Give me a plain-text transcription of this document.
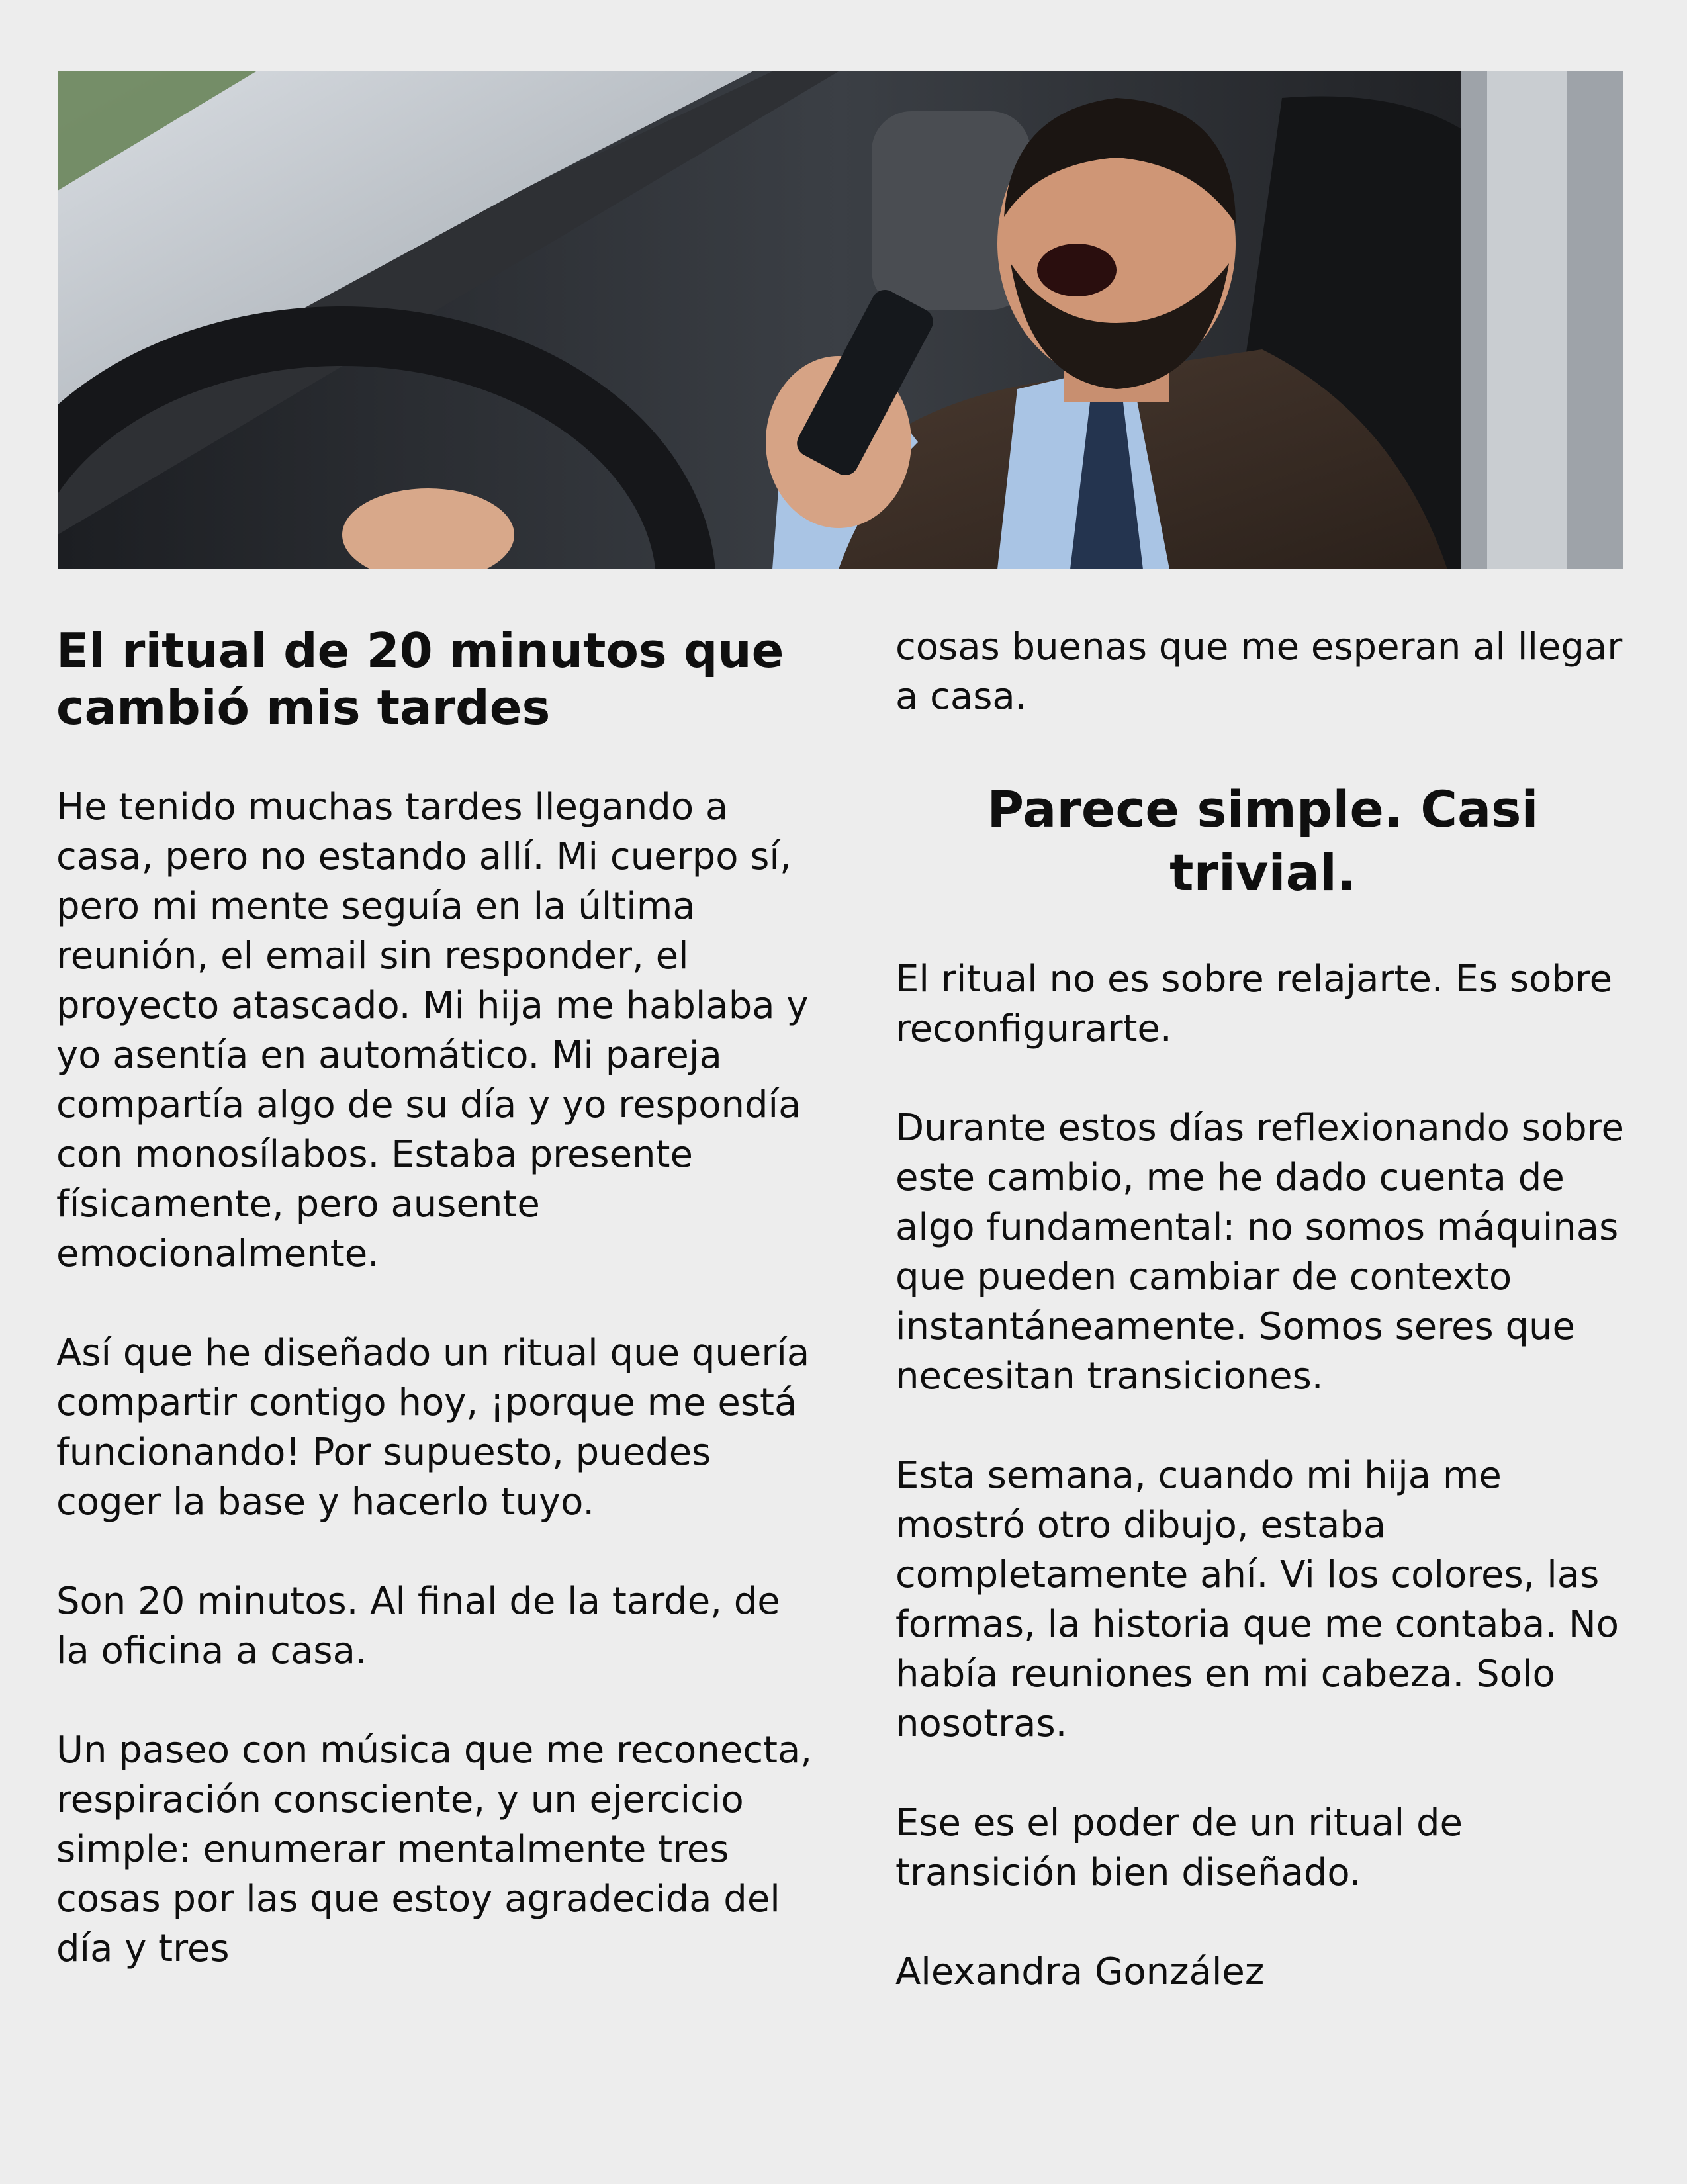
El ritual de 20 minutos que cambió mis tardes

He tenido muchas tardes llegando a casa, pero no estando allí. Mi cuerpo sí, pero mi mente seguía en la última reunión, el email sin responder, el proyecto atascado. Mi hija me hablaba y yo asentía en automático. Mi pareja compartía algo de su día y yo respondía con monosílabos. Estaba presente físicamente, pero ausente emocionalmente.

Así que he diseñado un ritual que quería compartir contigo hoy, ¡porque me está funcionando! Por supuesto, puedes coger la base y hacerlo tuyo.

Son 20 minutos. Al final de la tarde, de la oficina a casa.

Un paseo con música que me reconecta, respiración consciente, y un ejercicio simple: enumerar mentalmente tres cosas por las que estoy agradecida del día y tres

cosas buenas que me esperan al llegar a casa.

Parece simple. Casi trivial.

El ritual no es sobre relajarte. Es sobre reconfigurarte.

Durante estos días reflexionando sobre este cambio, me he dado cuenta de algo fundamental: no somos máquinas que pueden cambiar de contexto instantáneamente. Somos seres que necesitan transiciones.

Esta semana, cuando mi hija me mostró otro dibujo, estaba completamente ahí. Vi los colores, las formas, la historia que me contaba. No había reuniones en mi cabeza. Solo nosotras.

Ese es el poder de un ritual de transición bien diseñado.

Alexandra González
